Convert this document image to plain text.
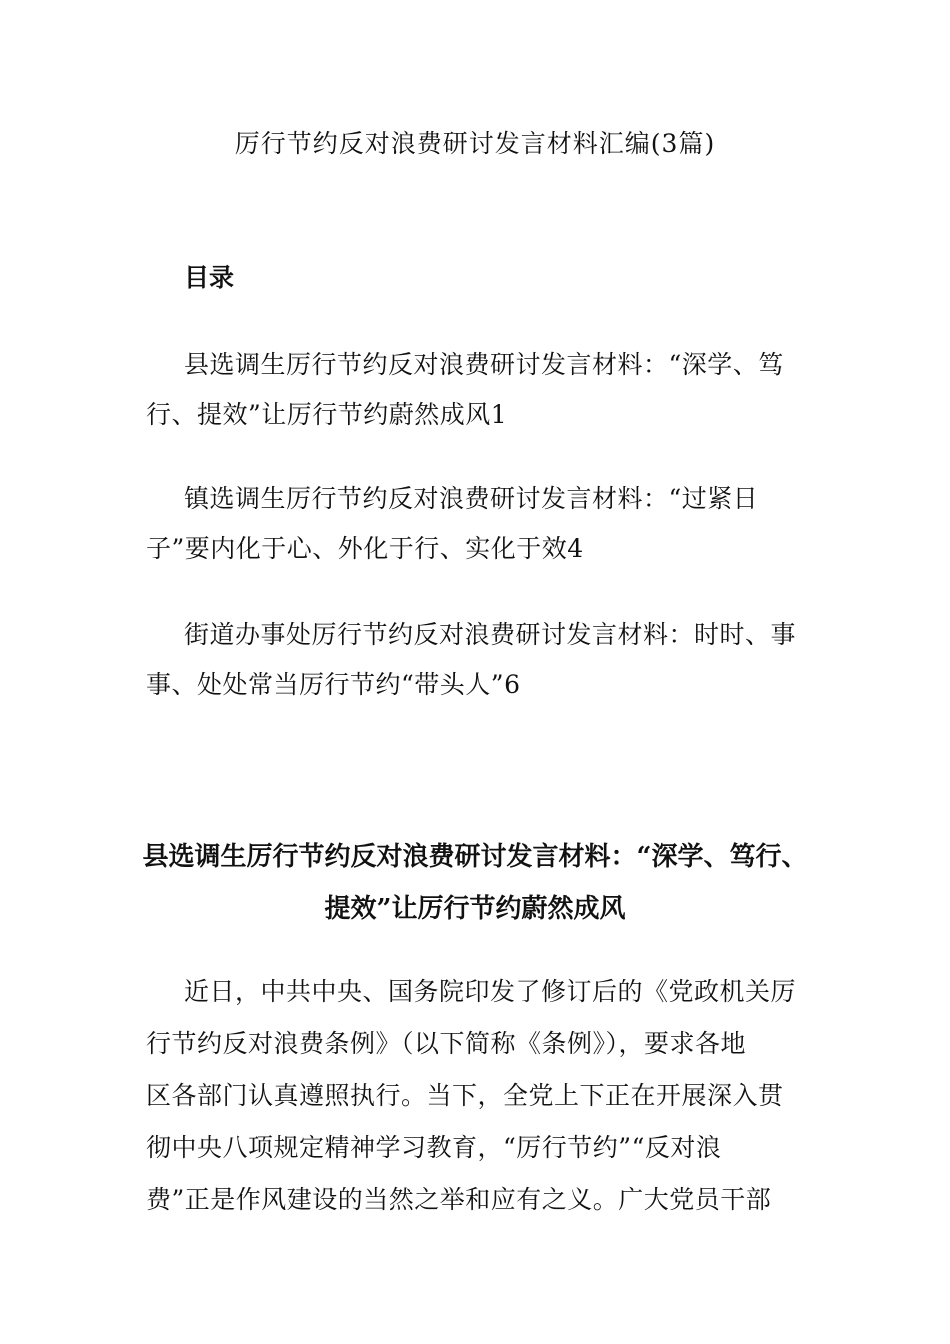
厉行节约反对浪费研讨发言材料汇编(3篇)
目录
县选调生厉行节约反对浪费研讨发言材料：“深学、笃
行、提效”让厉行节约蔚然成风1
镇选调生厉行节约反对浪费研讨发言材料：“过紧日
子”要内化于心、外化于行、实化于效4
街道办事处厉行节约反对浪费研讨发言材料：时时、事
事、处处常当厉行节约“带头人”6
县选调生厉行节约反对浪费研讨发言材料：“深学、笃行、
提效”让厉行节约蔚然成风
近日，中共中央、国务院印发了修订后的《党政机关厉
行节约反对浪费条例》（以下简称《条例》），要求各地
区各部门认真遵照执行。当下，全党上下正在开展深入贯
彻中央八项规定精神学习教育，“厉行节约”“反对浪
费”正是作风建设的当然之举和应有之义。广大党员干部
